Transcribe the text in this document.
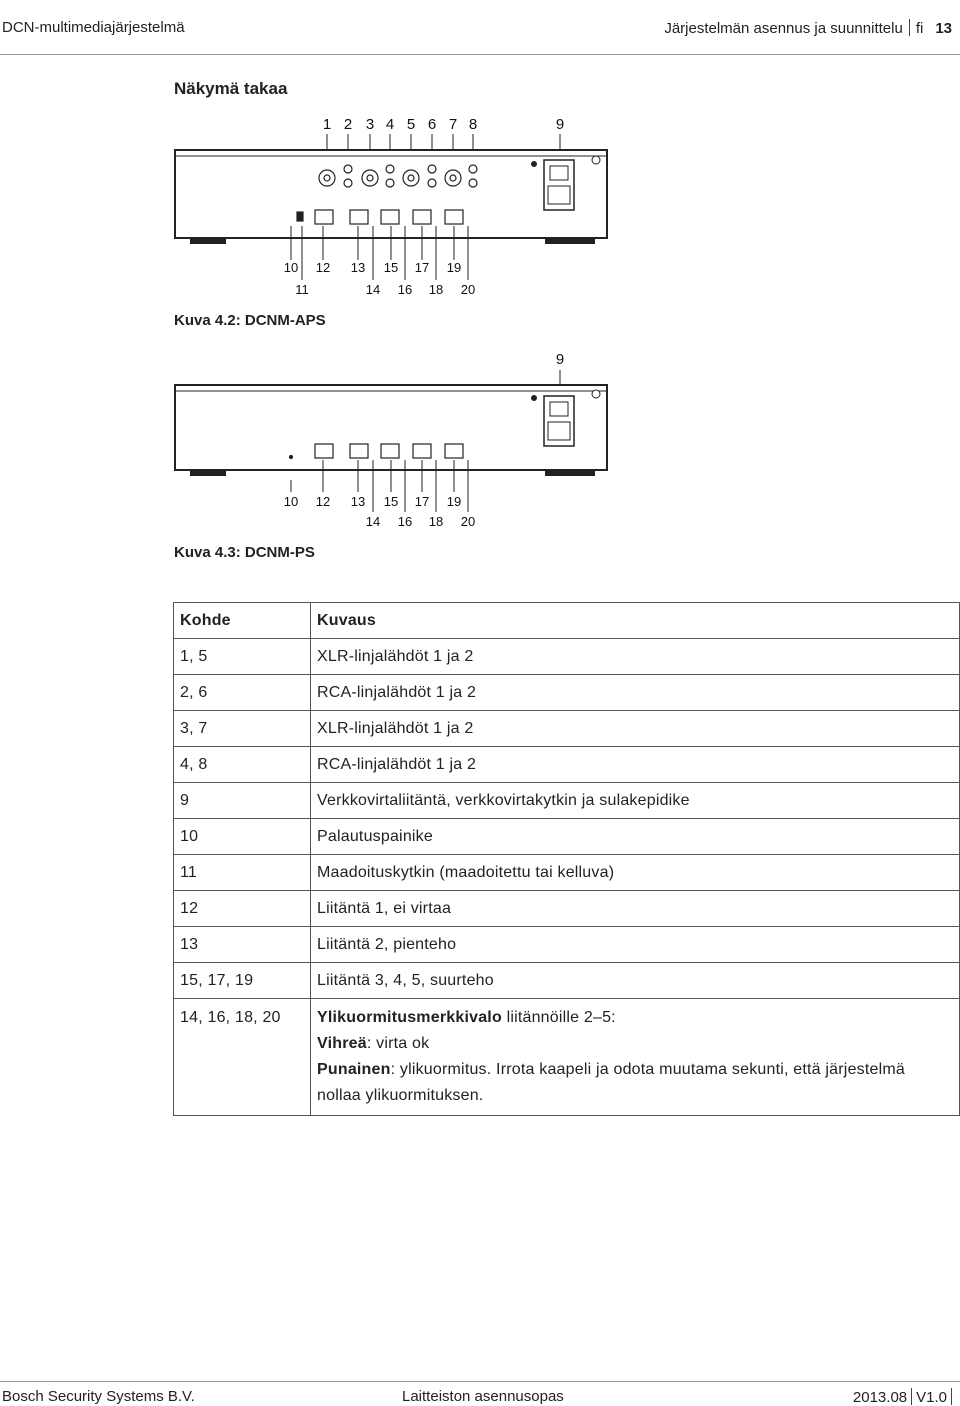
DCN-multimediajärjestelmä	Järjestelmän asennus ja suunnittelu fi 13
Näkymä takaa
1 2 3 4 5 6 7 8	9
10 12 13 15 17 19
11	14 16 18 20
Kuva 4.2: DCNM-APS
9
10 12 13 15 17 19
14 16 18 20
Kuva 4.3: DCNM-PS
Kohde	Kuvaus
1, 5	XLR-linjalähdöt 1 ja 2
2, 6	RCA-linjalähdöt 1 ja 2
3, 7	XLR-linjalähdöt 1 ja 2
4, 8	RCA-linjalähdöt 1 ja 2
9	Verkkovirtaliitäntä, verkkovirtakytkin ja sulakepidike
10	Palautuspainike
11	Maadoituskytkin (maadoitettu tai kelluva)
12	Liitäntä 1, ei virtaa
13	Liitäntä 2, pienteho
15, 17, 19	Liitäntä 3, 4, 5, suurteho
14, 16, 18, 20	Ylikuormitusmerkkivalo liitännöille 2–5:
Vihreä: virta ok
Punainen: ylikuormitus. Irrota kaapeli ja odota muutama sekunti, että järjestelmä nollaa ylikuormituksen.
Bosch Security Systems B.V.	Laitteiston asennusopas	2013.08 V1.0
